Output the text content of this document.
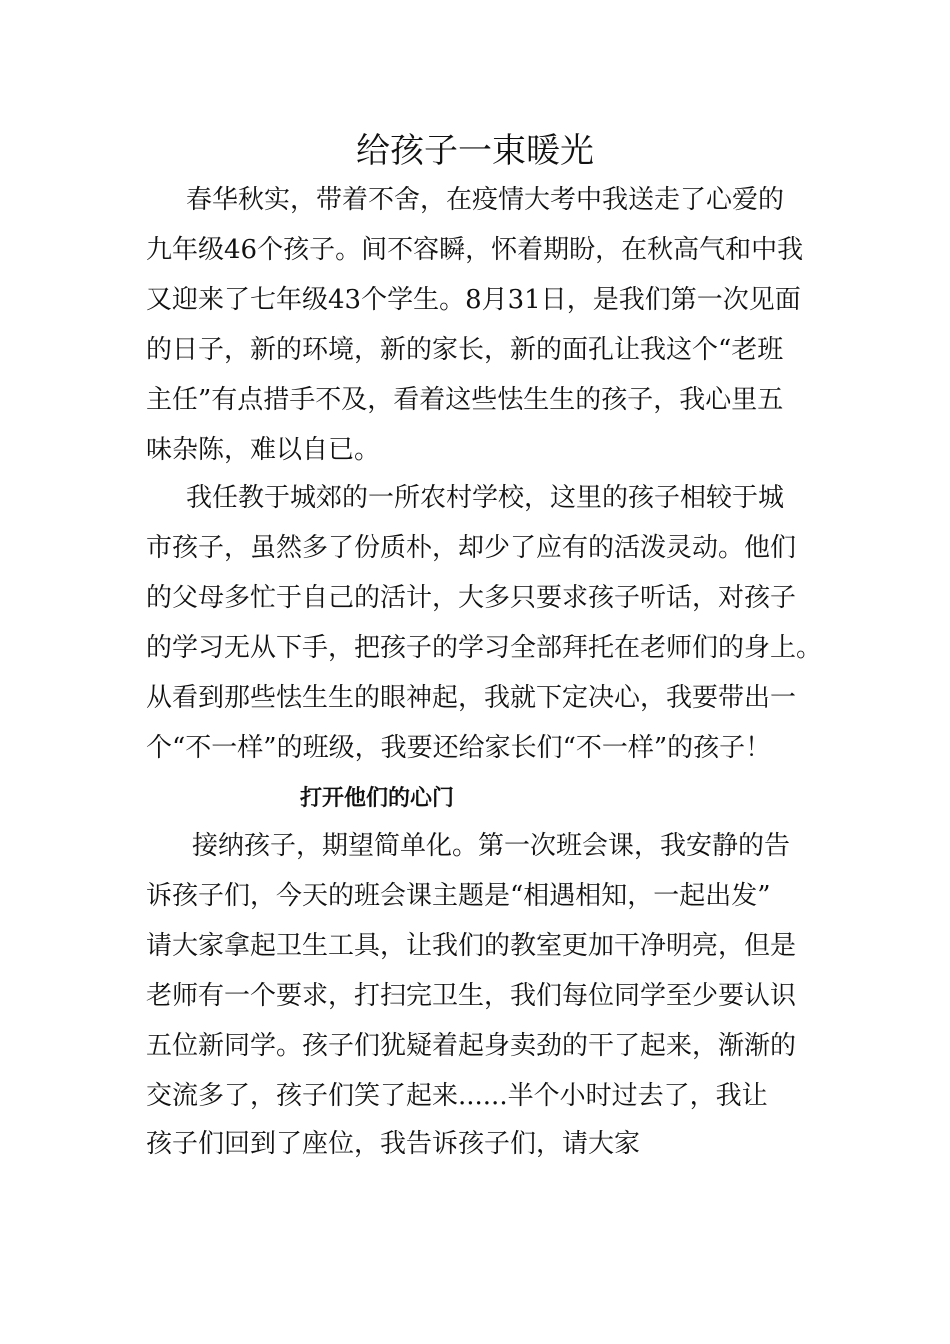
给孩子一束暖光

　春华秋实，带着不舍，在疫情大考中我送走了心爱的

九年级46个孩子。间不容瞬，怀着期盼，在秋高气和中我

又迎来了七年级43个学生。8月31日，是我们第一次见面

的日子，新的环境，新的家长，新的面孔让我这个“老班

主任”有点措手不及，看着这些怯生生的孩子，我心里五

味杂陈，难以自已。

　我任教于城郊的一所农村学校，这里的孩子相较于城

市孩子，虽然多了份质朴，却少了应有的活泼灵动。他们

的父母多忙于自己的活计，大多只要求孩子听话，对孩子

的学习无从下手，把孩子的学习全部拜托在老师们的身上。

从看到那些怯生生的眼神起，我就下定决心，我要带出一

个“不一样”的班级，我要还给家长们“不一样”的孩子！

打开他们的心门

　接纳孩子，期望简单化。第一次班会课，我安静的告

诉孩子们，今天的班会课主题是“相遇相知，一起出发”

请大家拿起卫生工具，让我们的教室更加干净明亮，但是

老师有一个要求，打扫完卫生，我们每位同学至少要认识

五位新同学。孩子们犹疑着起身卖劲的干了起来，渐渐的

交流多了，孩子们笑了起来......半个小时过去了，我让

孩子们回到了座位，我告诉孩子们，请大家
